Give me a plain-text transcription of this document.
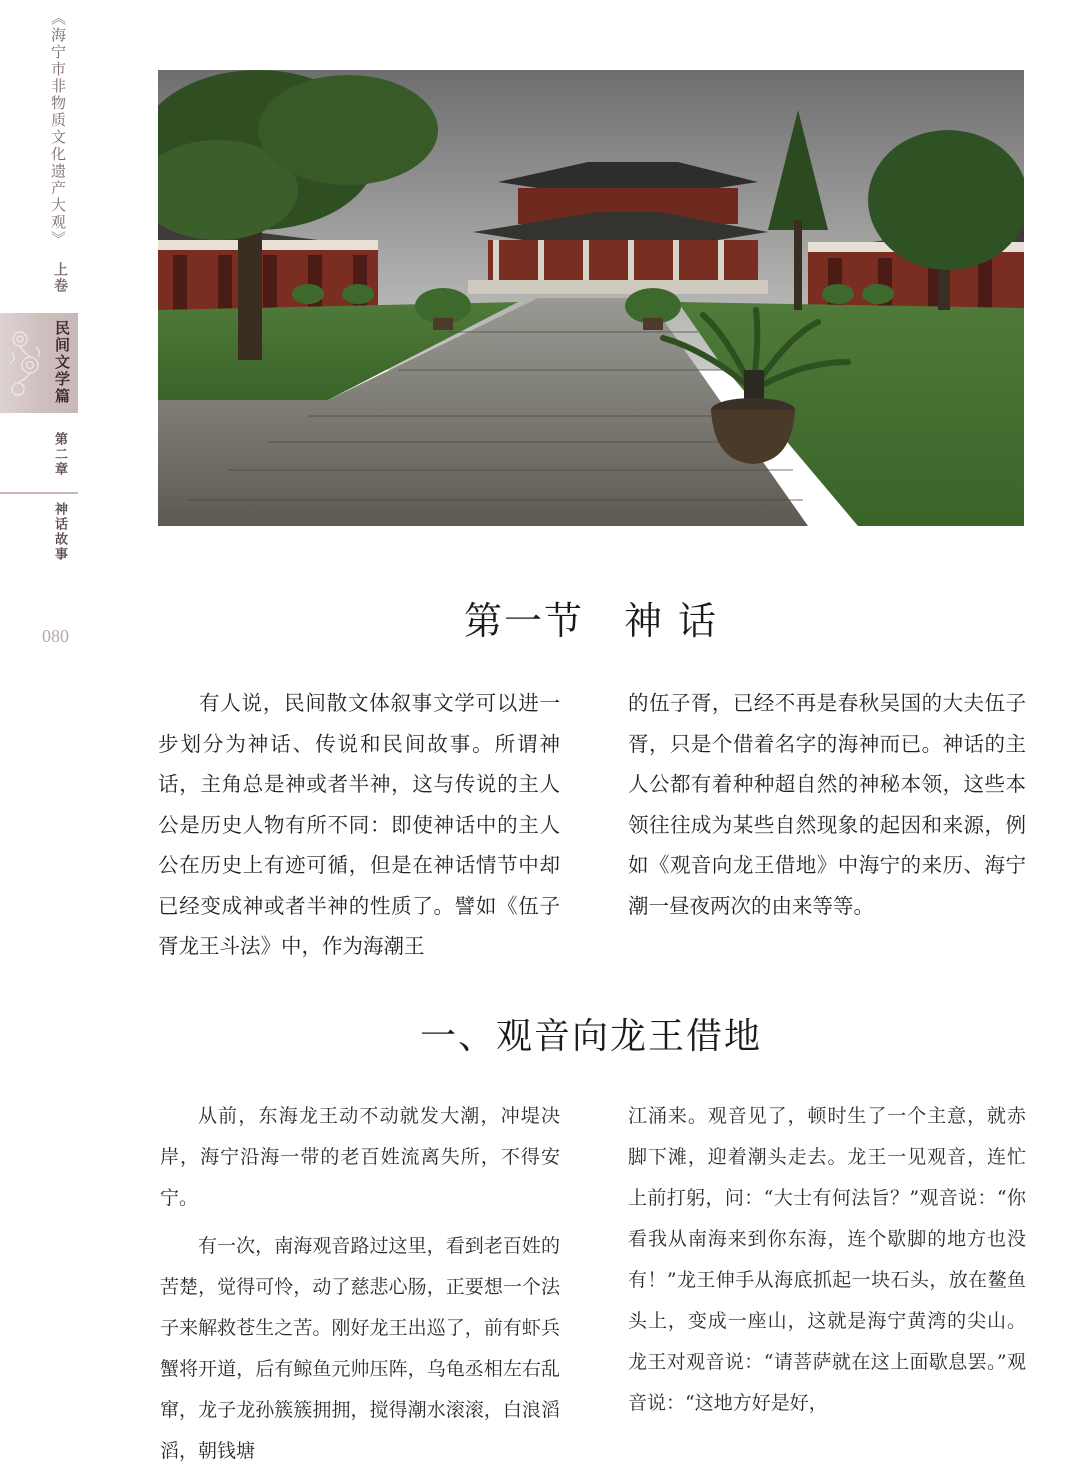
《海宁市非物质文化遗产大观》
上卷
民间文学篇
第二章
神话故事
080	第一节　神 话

有人说，民间散文体叙事文学可以进一步划分为神话、传说和民间故事。所谓神话，主角总是神或者半神，这与传说的主人公是历史人物有所不同：即使神话中的主人公在历史上有迹可循，但是在神话情节中却已经变成神或者半神的性质了。譬如《伍子胥龙王斗法》中，作为海潮王

的伍子胥，已经不再是春秋吴国的大夫伍子胥，只是个借着名字的海神而已。神话的主人公都有着种种超自然的神秘本领，这些本领往往成为某些自然现象的起因和来源，例如《观音向龙王借地》中海宁的来历、海宁潮一昼夜两次的由来等等。

一、观音向龙王借地

从前，东海龙王动不动就发大潮，冲堤决岸，海宁沿海一带的老百姓流离失所，不得安宁。

有一次，南海观音路过这里，看到老百姓的苦楚，觉得可怜，动了慈悲心肠，正要想一个法子来解救苍生之苦。刚好龙王出巡了，前有虾兵蟹将开道，后有鲸鱼元帅压阵，乌龟丞相左右乱窜，龙子龙孙簇簇拥拥，搅得潮水滚滚，白浪滔滔，朝钱塘

江涌来。观音见了，顿时生了一个主意，就赤脚下滩，迎着潮头走去。龙王一见观音，连忙上前打躬，问：“大士有何法旨？”观音说：“你看我从南海来到你东海，连个歇脚的地方也没有！”龙王伸手从海底抓起一块石头，放在鳌鱼头上，变成一座山，这就是海宁黄湾的尖山。龙王对观音说：“请菩萨就在这上面歇息罢。”观音说：“这地方好是好，
